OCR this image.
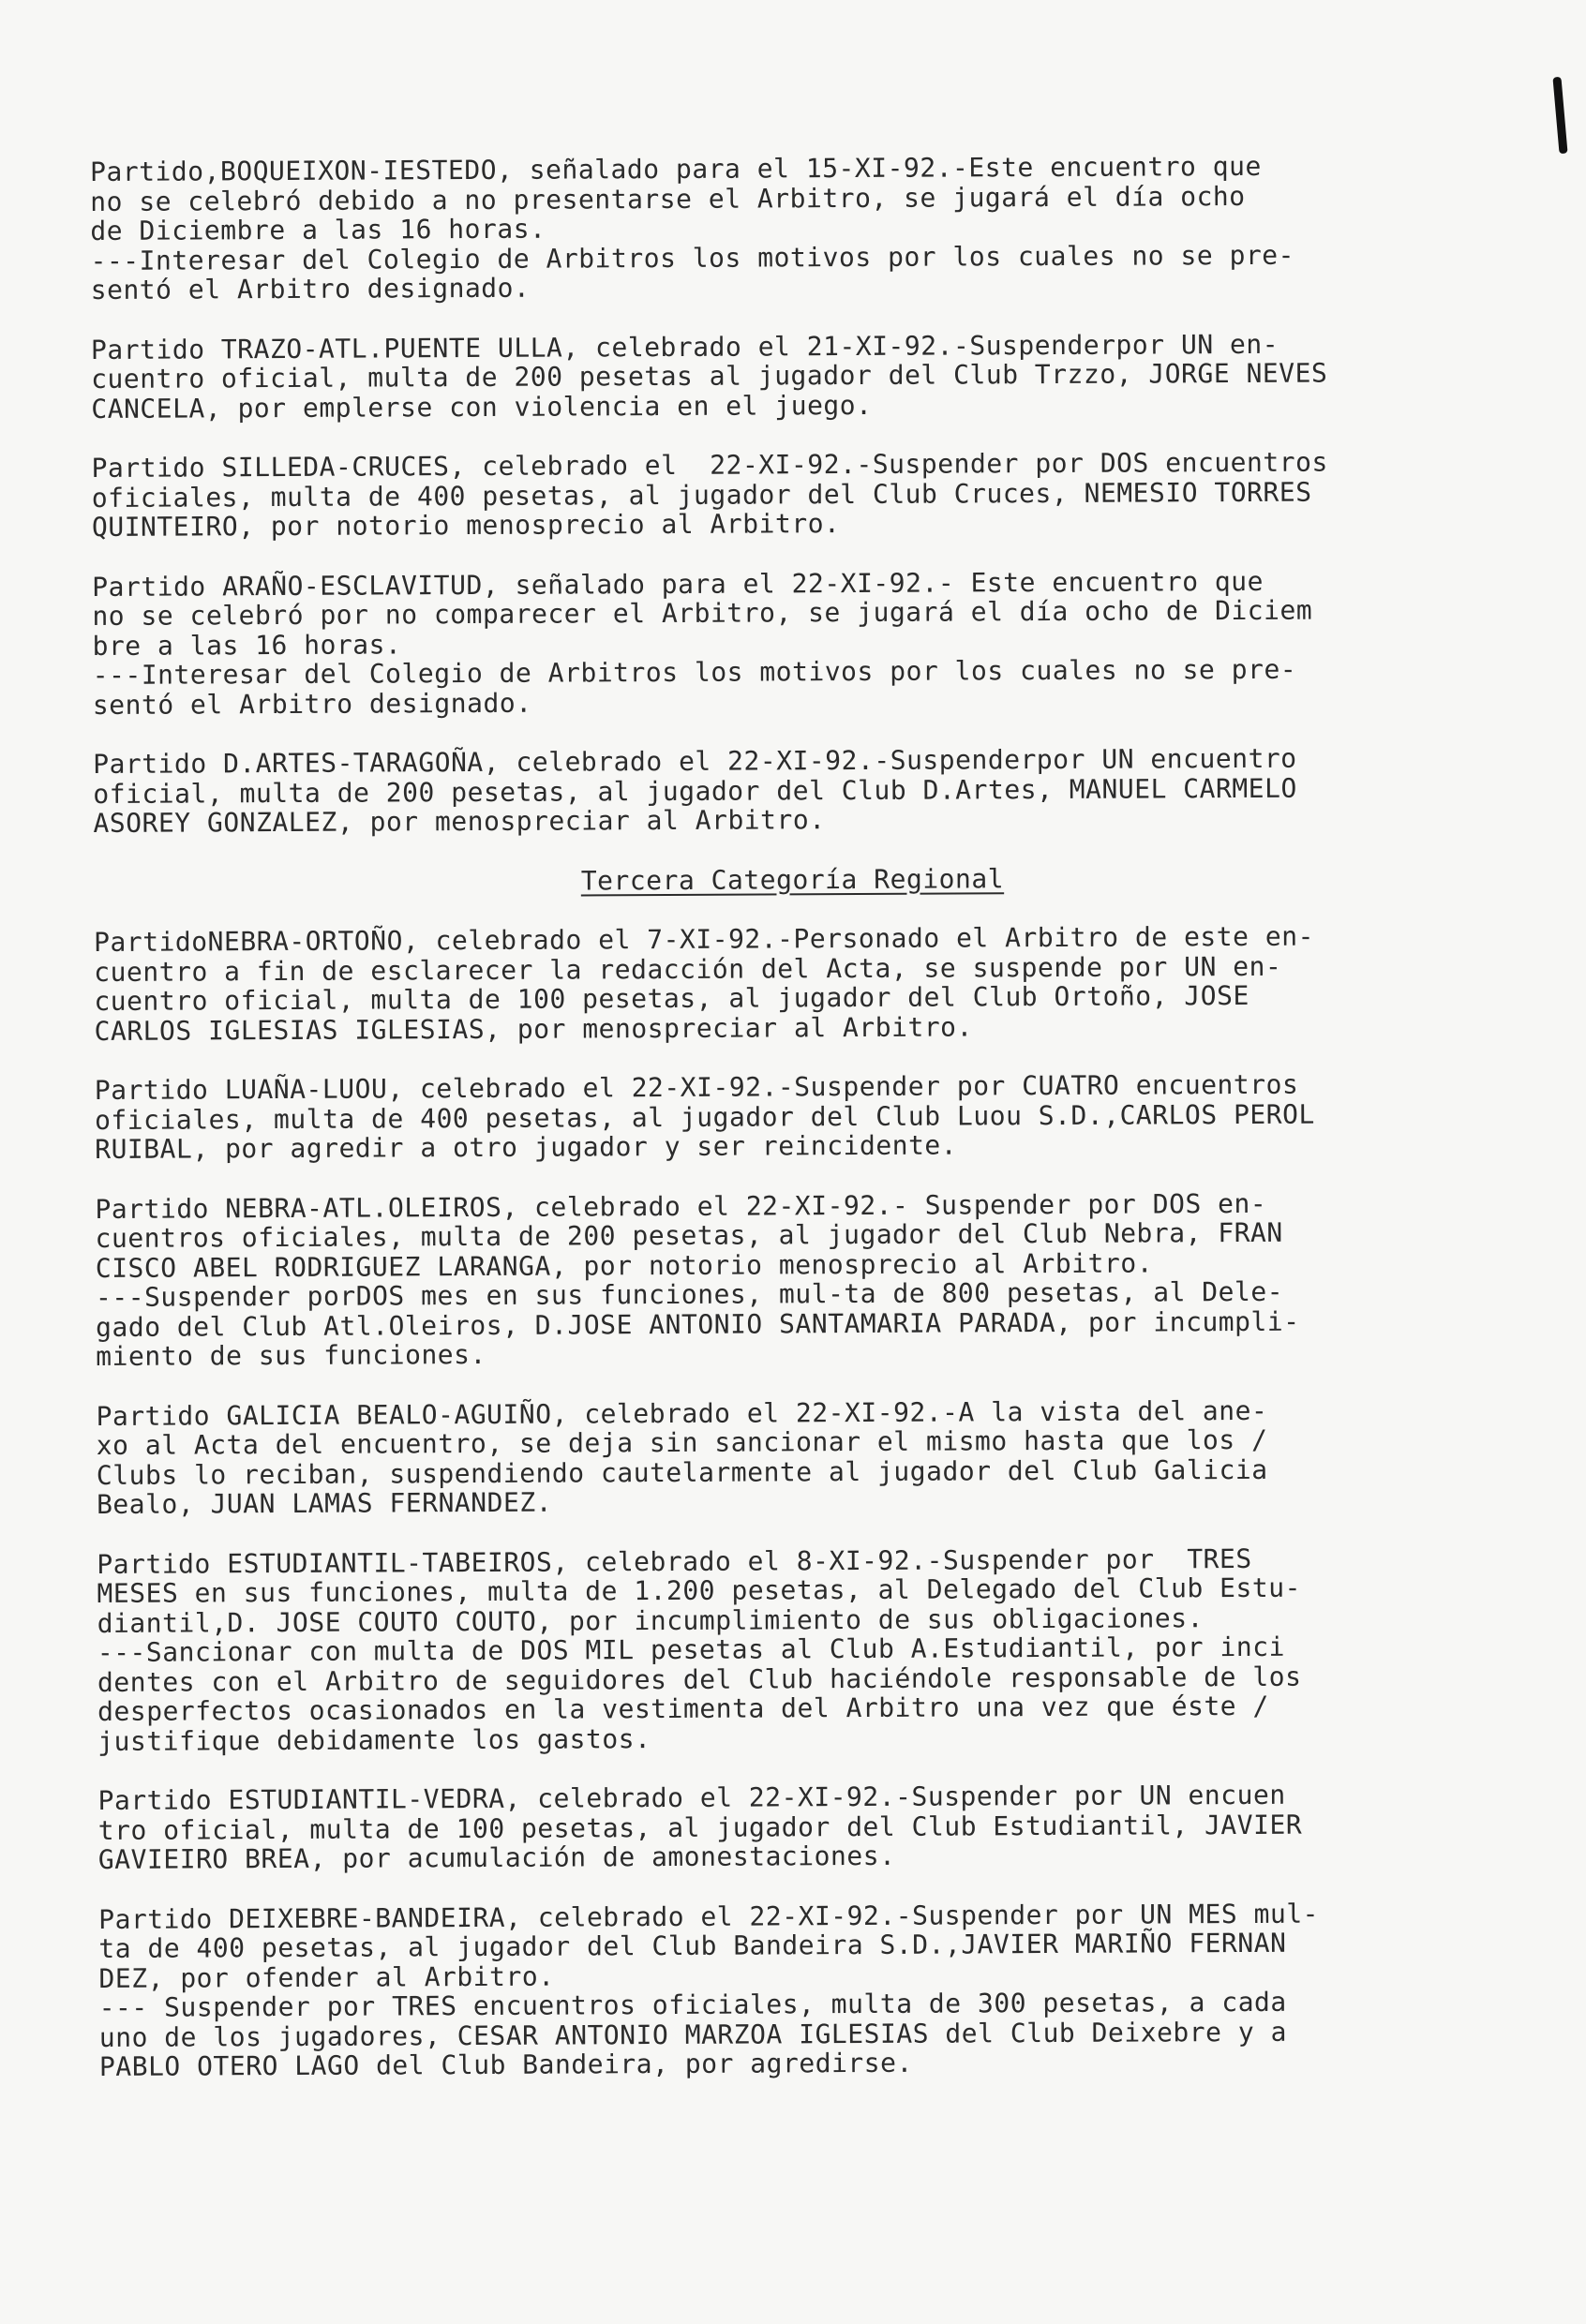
Partido,BOQUEIXON-IESTEDO, señalado para el 15-XI-92.-Este encuentro que
no se celebró debido a no presentarse el Arbitro, se jugará el día ocho
de Diciembre a las 16 horas.
---Interesar del Colegio de Arbitros los motivos por los cuales no se pre-
sentó el Arbitro designado.
Partido TRAZO-ATL.PUENTE ULLA, celebrado el 21-XI-92.-Suspenderpor UN en-
cuentro oficial, multa de 200 pesetas al jugador del Club Trzzo, JORGE NEVES
CANCELA, por emplerse con violencia en el juego.
Partido SILLEDA-CRUCES, celebrado el  22-XI-92.-Suspender por DOS encuentros
oficiales, multa de 400 pesetas, al jugador del Club Cruces, NEMESIO TORRES
QUINTEIRO, por notorio menosprecio al Arbitro.
Partido ARAÑO-ESCLAVITUD, señalado para el 22-XI-92.- Este encuentro que
no se celebró por no comparecer el Arbitro, se jugará el día ocho de Diciem
bre a las 16 horas.
---Interesar del Colegio de Arbitros los motivos por los cuales no se pre-
sentó el Arbitro designado.
Partido D.ARTES-TARAGOÑA, celebrado el 22-XI-92.-Suspenderpor UN encuentro
oficial, multa de 200 pesetas, al jugador del Club D.Artes, MANUEL CARMELO
ASOREY GONZALEZ, por menospreciar al Arbitro.
Tercera Categoría Regional
PartidoNEBRA-ORTOÑO, celebrado el 7-XI-92.-Personado el Arbitro de este en-
cuentro a fin de esclarecer la redacción del Acta, se suspende por UN en-
cuentro oficial, multa de 100 pesetas, al jugador del Club Ortoño, JOSE
CARLOS IGLESIAS IGLESIAS, por menospreciar al Arbitro.
Partido LUAÑA-LUOU, celebrado el 22-XI-92.-Suspender por CUATRO encuentros
oficiales, multa de 400 pesetas, al jugador del Club Luou S.D.,CARLOS PEROL
RUIBAL, por agredir a otro jugador y ser reincidente.
Partido NEBRA-ATL.OLEIROS, celebrado el 22-XI-92.- Suspender por DOS en-
cuentros oficiales, multa de 200 pesetas, al jugador del Club Nebra, FRAN
CISCO ABEL RODRIGUEZ LARANGA, por notorio menosprecio al Arbitro.
---Suspender porDOS mes en sus funciones, mul-ta de 800 pesetas, al Dele-
gado del Club Atl.Oleiros, D.JOSE ANTONIO SANTAMARIA PARADA, por incumpli-
miento de sus funciones.
Partido GALICIA BEALO-AGUIÑO, celebrado el 22-XI-92.-A la vista del ane-
xo al Acta del encuentro, se deja sin sancionar el mismo hasta que los /
Clubs lo reciban, suspendiendo cautelarmente al jugador del Club Galicia
Bealo, JUAN LAMAS FERNANDEZ.
Partido ESTUDIANTIL-TABEIROS, celebrado el 8-XI-92.-Suspender por  TRES
MESES en sus funciones, multa de 1.200 pesetas, al Delegado del Club Estu-
diantil,D. JOSE COUTO COUTO, por incumplimiento de sus obligaciones.
---Sancionar con multa de DOS MIL pesetas al Club A.Estudiantil, por inci
dentes con el Arbitro de seguidores del Club haciéndole responsable de los
desperfectos ocasionados en la vestimenta del Arbitro una vez que éste /
justifique debidamente los gastos.
Partido ESTUDIANTIL-VEDRA, celebrado el 22-XI-92.-Suspender por UN encuen
tro oficial, multa de 100 pesetas, al jugador del Club Estudiantil, JAVIER
GAVIEIRO BREA, por acumulación de amonestaciones.
Partido DEIXEBRE-BANDEIRA, celebrado el 22-XI-92.-Suspender por UN MES mul-
ta de 400 pesetas, al jugador del Club Bandeira S.D.,JAVIER MARIÑO FERNAN
DEZ, por ofender al Arbitro.
--- Suspender por TRES encuentros oficiales, multa de 300 pesetas, a cada
uno de los jugadores, CESAR ANTONIO MARZOA IGLESIAS del Club Deixebre y a
PABLO OTERO LAGO del Club Bandeira, por agredirse.
